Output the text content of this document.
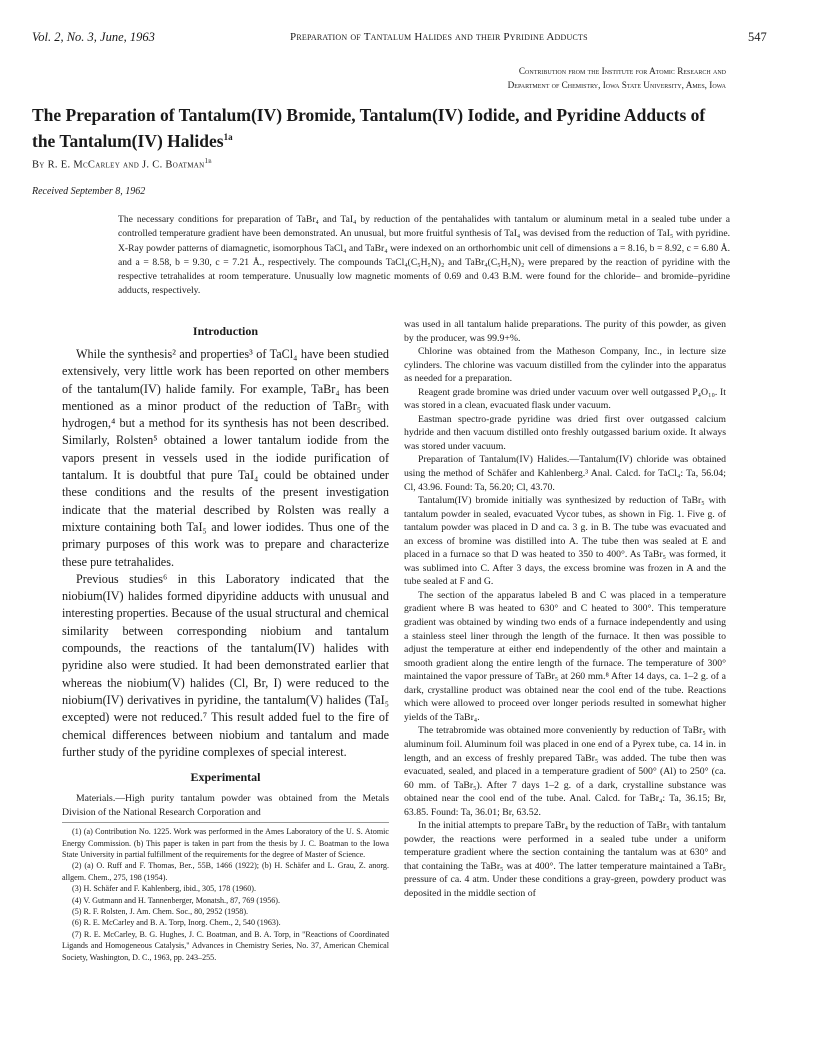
Vol. 2, No. 3, June, 1963	Preparation of Tantalum Halides and their Pyridine Adducts	547
Contribution from the Institute for Atomic Research and
Department of Chemistry, Iowa State University, Ames, Iowa
The Preparation of Tantalum(IV) Bromide, Tantalum(IV) Iodide, and Pyridine Adducts of the Tantalum(IV) Halides$^{1a}$
By R. E. McCarley and J. C. Boatman$^{1b}$
Received September 8, 1962
The necessary conditions for preparation of TaBr₄ and TaI₄ by reduction of the pentahalides with tantalum or aluminum metal in a sealed tube under a controlled temperature gradient have been demonstrated. An unusual, but more fruitful synthesis of TaI₄ was devised from the reduction of TaI₅ with pyridine. X-Ray powder patterns of diamagnetic, isomorphous TaCl₄ and TaBr₄ were indexed on an orthorhombic unit cell of dimensions a = 8.16, b = 8.92, c = 6.80 Å. and a = 8.58, b = 9.30, c = 7.21 Å., respectively. The compounds TaCl₄(C₅H₅N)₂ and TaBr₄(C₅H₅N)₂ were prepared by the reaction of pyridine with the respective tetrahalides at room temperature. Unusually low magnetic moments of 0.69 and 0.43 B.M. were found for the chloride– and bromide–pyridine adducts, respectively.
Introduction

While the synthesis² and properties³ of TaCl₄ have been studied extensively, very little work has been reported on other members of the tantalum(IV) halide family. For example, TaBr₄ has been mentioned as a minor product of the reduction of TaBr₅ with hydrogen,⁴ but a method for its synthesis has not been described. Similarly, Rolsten⁵ obtained a lower tantalum iodide from the vapors present in vessels used in the iodide purification of tantalum. It is doubtful that pure TaI₄ could be obtained under these conditions and the results of the present investigation indicate that the material described by Rolsten was really a mixture containing both TaI₅ and lower iodides. Thus one of the primary purposes of this work was to prepare and characterize these pure tetrahalides.

Previous studies⁶ in this Laboratory indicated that the niobium(IV) halides formed dipyridine adducts with unusual and interesting properties. Because of the usual structural and chemical similarity between corresponding niobium and tantalum compounds, the reactions of the tantalum(IV) halides with pyridine also were studied. It had been demonstrated earlier that whereas the niobium(V) halides (Cl, Br, I) were reduced to the niobium(IV) derivatives in pyridine, the tantalum(V) halides (TaI₅ excepted) were not reduced.⁷ This result added fuel to the fire of chemical differences between niobium and tantalum and made further study of the pyridine complexes of special interest.

Experimental

Materials.—High purity tantalum powder was obtained from the Metals Division of the National Research Corporation and

(1) (a) Contribution No. 1225. Work was performed in the Ames Laboratory of the U. S. Atomic Energy Commission. (b) This paper is taken in part from the thesis by J. C. Boatman to the Iowa State University in partial fulfillment of the requirements for the degree of Master of Science.

(2) (a) O. Ruff and F. Thomas, Ber., 55B, 1466 (1922); (b) H. Schäfer and L. Grau, Z. anorg. allgem. Chem., 275, 198 (1954).

(3) H. Schäfer and F. Kahlenberg, ibid., 305, 178 (1960).

(4) V. Gutmann and H. Tannenberger, Monatsh., 87, 769 (1956).

(5) R. F. Rolsten, J. Am. Chem. Soc., 80, 2952 (1958).

(6) R. E. McCarley and B. A. Torp, Inorg. Chem., 2, 540 (1963).

(7) R. E. McCarley, B. G. Hughes, J. C. Boatman, and B. A. Torp, in "Reactions of Coordinated Ligands and Homogeneous Catalysis," Advances in Chemistry Series, No. 37, American Chemical Society, Washington, D. C., 1963, pp. 243–255.

was used in all tantalum halide preparations. The purity of this powder, as given by the producer, was 99.9+%.

Chlorine was obtained from the Matheson Company, Inc., in lecture size cylinders. The chlorine was vacuum distilled from the cylinder into the apparatus as needed for a preparation.

Reagent grade bromine was dried under vacuum over well outgassed P₄O₁₀. It was stored in a clean, evacuated flask under vacuum.

Eastman spectro-grade pyridine was dried first over outgassed calcium hydride and then vacuum distilled onto freshly outgassed barium oxide. It always was stored under vacuum.

Preparation of Tantalum(IV) Halides.—Tantalum(IV) chloride was obtained using the method of Schäfer and Kahlenberg.³ Anal. Calcd. for TaCl₄: Ta, 56.04; Cl, 43.96. Found: Ta, 56.20; Cl, 43.70.

Tantalum(IV) bromide initially was synthesized by reduction of TaBr₅ with tantalum powder in sealed, evacuated Vycor tubes, as shown in Fig. 1. Five g. of tantalum powder was placed in D and ca. 3 g. in B. The tube was evacuated and an excess of bromine was distilled into A. The tube then was sealed at E and placed in a furnace so that D was heated to 350 to 400°. As TaBr₅ was formed, it was sublimed into C. After 3 days, the excess bromine was frozen in A and the tube sealed at F and G.

The section of the apparatus labeled B and C was placed in a temperature gradient where B was heated to 630° and C heated to 300°. This temperature gradient was obtained by winding two ends of a furnace independently and using a stainless steel liner through the length of the furnace. It then was possible to adjust the temperature at either end independently of the other and maintain a smooth gradient along the entire length of the furnace. The temperature of 300° maintained the vapor pressure of TaBr₅ at 260 mm.⁸ After 14 days, ca. 1–2 g. of a dark, crystalline product was obtained near the cool end of the tube. Reactions which were allowed to proceed over longer periods resulted in somewhat higher yields of the TaBr₄.

The tetrabromide was obtained more conveniently by reduction of TaBr₅ with aluminum foil. Aluminum foil was placed in one end of a Pyrex tube, ca. 14 in. in length, and an excess of freshly prepared TaBr₅ was added. The tube then was evacuated, sealed, and placed in a temperature gradient of 500° (Al) to 250° (ca. 60 mm. of TaBr₅). After 7 days 1–2 g. of a dark, crystalline substance was obtained near the cool end of the tube. Anal. Calcd. for TaBr₄: Ta, 36.15; Br, 63.85. Found: Ta, 36.01; Br, 63.52.

In the initial attempts to prepare TaBr₄ by the reduction of TaBr₅ with tantalum powder, the reactions were performed in a sealed tube under a uniform temperature gradient where the section containing the tantalum was at 630° and that containing the TaBr₅ was at 400°. The latter temperature maintained a TaBr₅ pressure of ca. 4 atm. Under these conditions a gray-green, powdery product was deposited in the middle section of
